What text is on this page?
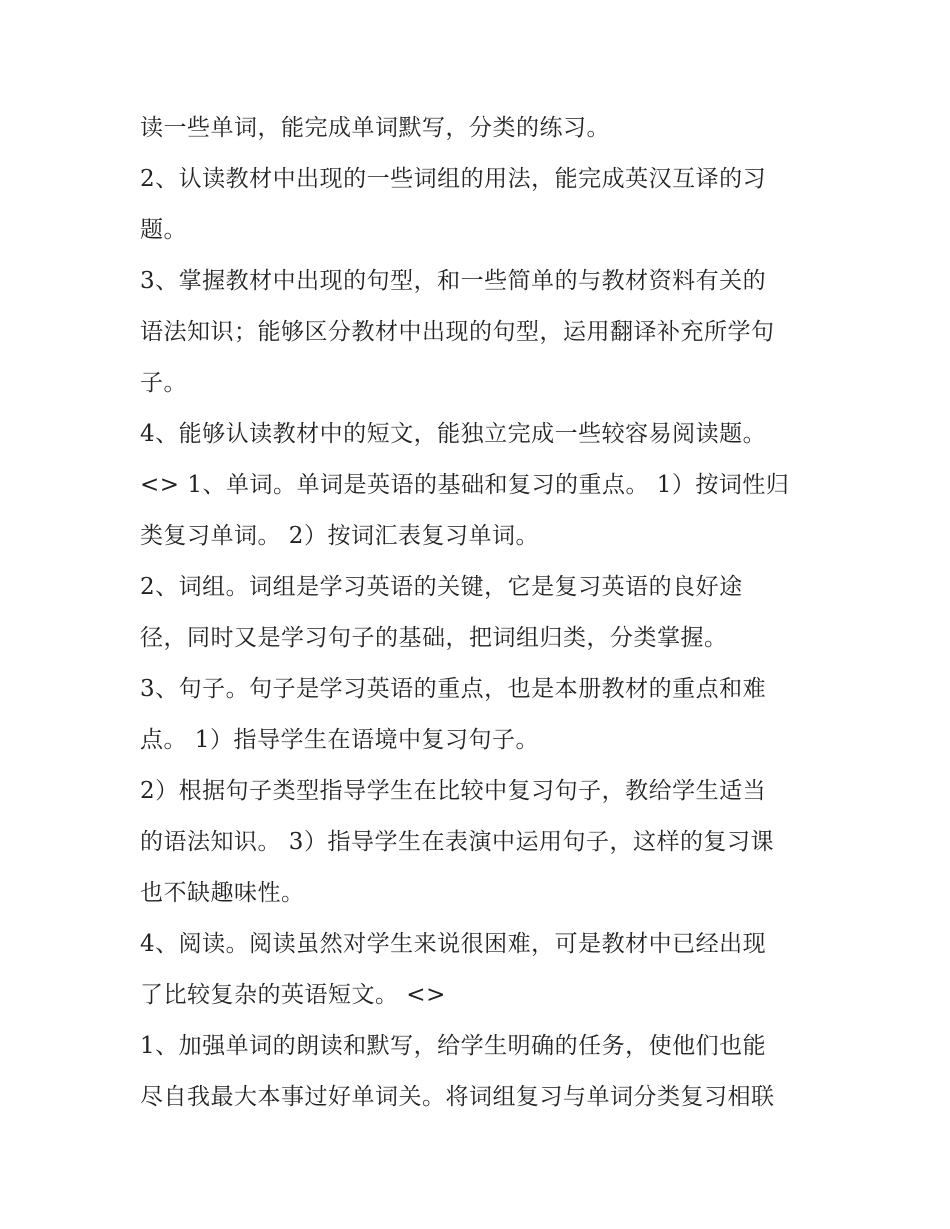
读一些单词，能完成单词默写，分类的练习。
2、认读教材中出现的一些词组的用法，能完成英汉互译的习
题。
3、掌握教材中出现的句型，和一些简单的与教材资料有关的
语法知识；能够区分教材中出现的句型，运用翻译补充所学句
子。
4、能够认读教材中的短文，能独立完成一些较容易阅读题。
<> 1、单词。单词是英语的基础和复习的重点。 1）按词性归
类复习单词。 2）按词汇表复习单词。
2、词组。词组是学习英语的关键，它是复习英语的良好途
径，同时又是学习句子的基础，把词组归类，分类掌握。
3、句子。句子是学习英语的重点，也是本册教材的重点和难
点。 1）指导学生在语境中复习句子。
2）根据句子类型指导学生在比较中复习句子，教给学生适当
的语法知识。 3）指导学生在表演中运用句子，这样的复习课
也不缺趣味性。
4、阅读。阅读虽然对学生来说很困难，可是教材中已经出现
了比较复杂的英语短文。 <>
1、加强单词的朗读和默写，给学生明确的任务，使他们也能
尽自我最大本事过好单词关。将词组复习与单词分类复习相联
